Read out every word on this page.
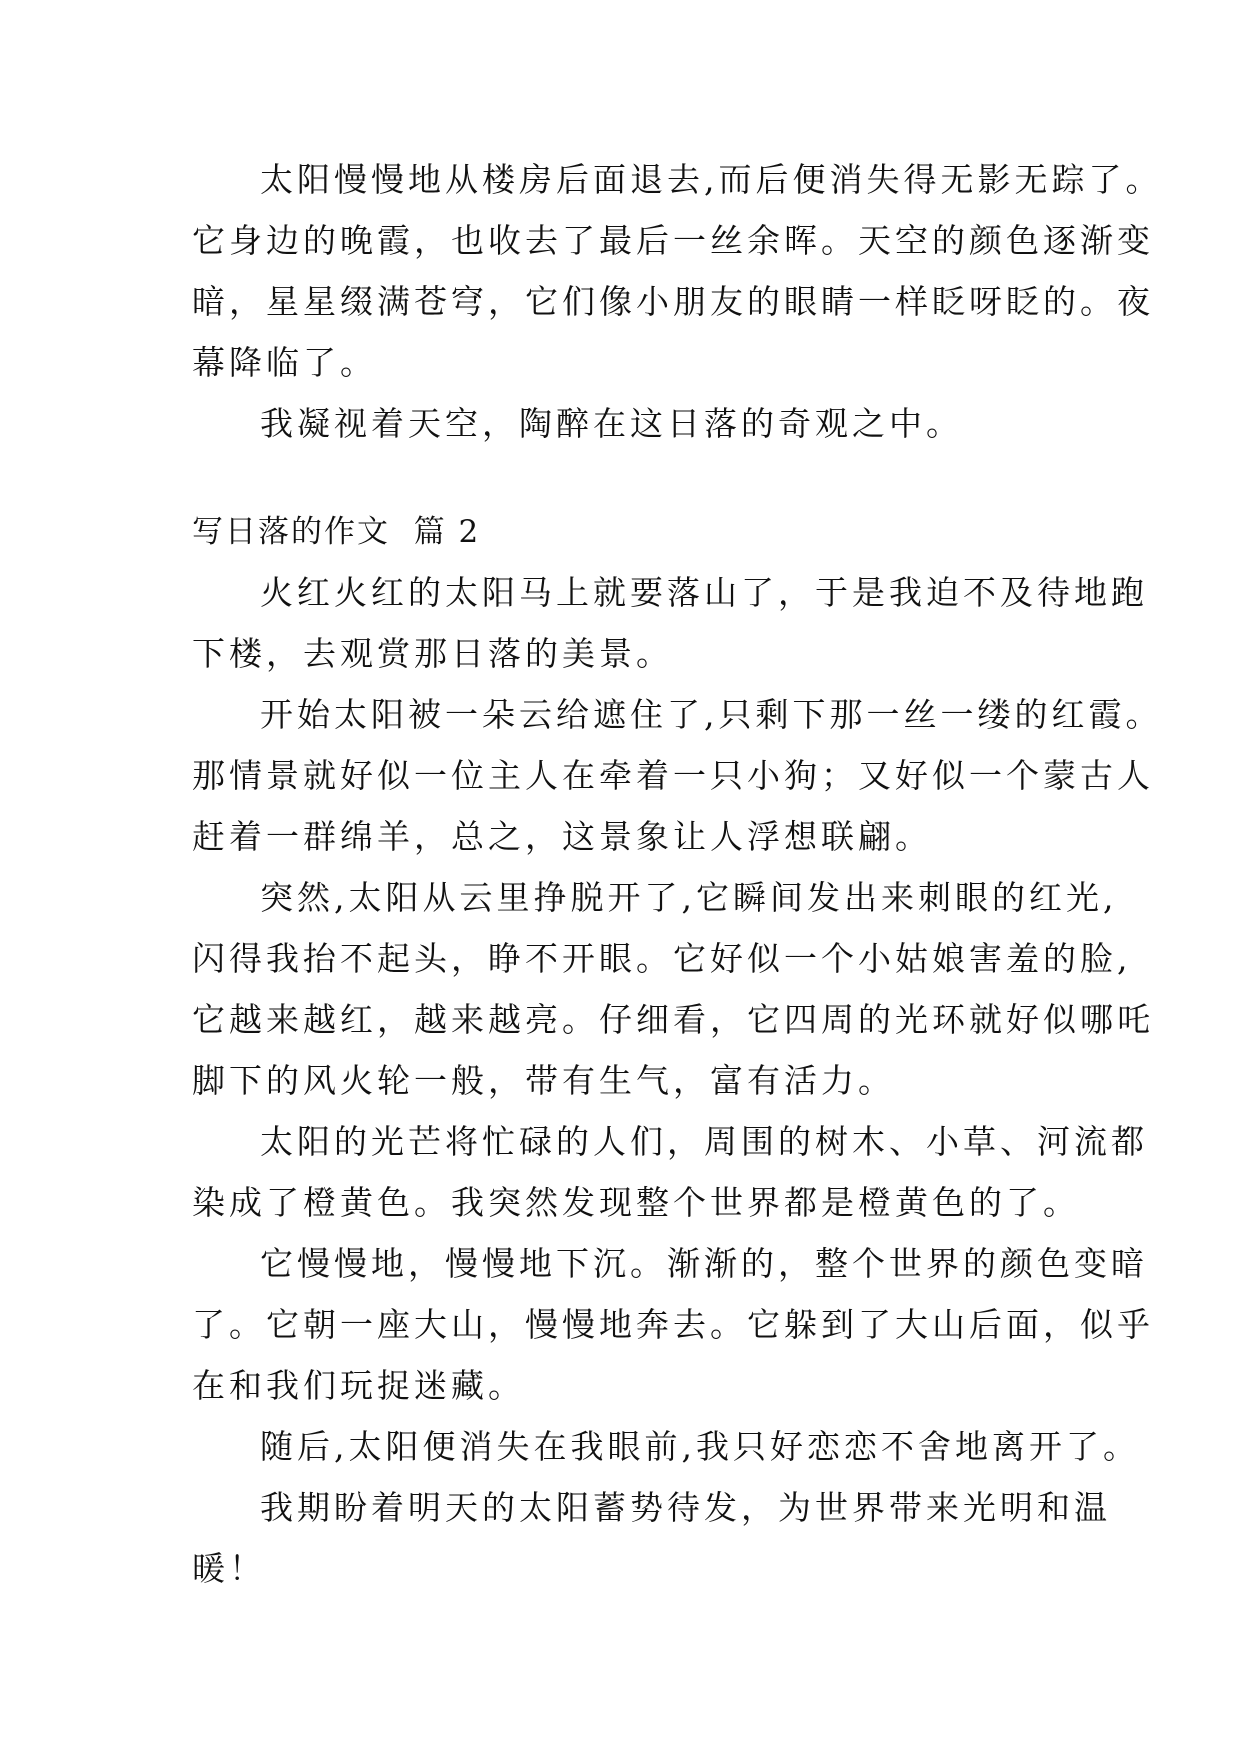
太阳慢慢地从楼房后面退去,而后便消失得无影无踪了。
它身边的晚霞，也收去了最后一丝余晖。天空的颜色逐渐变
暗，星星缀满苍穹，它们像小朋友的眼睛一样眨呀眨的。夜
幕降临了。
我凝视着天空，陶醉在这日落的奇观之中。
写日落的作文  篇 2
火红火红的太阳马上就要落山了，于是我迫不及待地跑
下楼，去观赏那日落的美景。
开始太阳被一朵云给遮住了,只剩下那一丝一缕的红霞。
那情景就好似一位主人在牵着一只小狗；又好似一个蒙古人
赶着一群绵羊，总之，这景象让人浮想联翩。
突然,太阳从云里挣脱开了,它瞬间发出来刺眼的红光,
闪得我抬不起头，睁不开眼。它好似一个小姑娘害羞的脸,
它越来越红，越来越亮。仔细看，它四周的光环就好似哪吒
脚下的风火轮一般，带有生气，富有活力。
太阳的光芒将忙碌的人们，周围的树木、小草、河流都
染成了橙黄色。我突然发现整个世界都是橙黄色的了。
它慢慢地，慢慢地下沉。渐渐的，整个世界的颜色变暗
了。它朝一座大山，慢慢地奔去。它躲到了大山后面，似乎
在和我们玩捉迷藏。
随后,太阳便消失在我眼前,我只好恋恋不舍地离开了。
我期盼着明天的太阳蓄势待发，为世界带来光明和温
暖！
